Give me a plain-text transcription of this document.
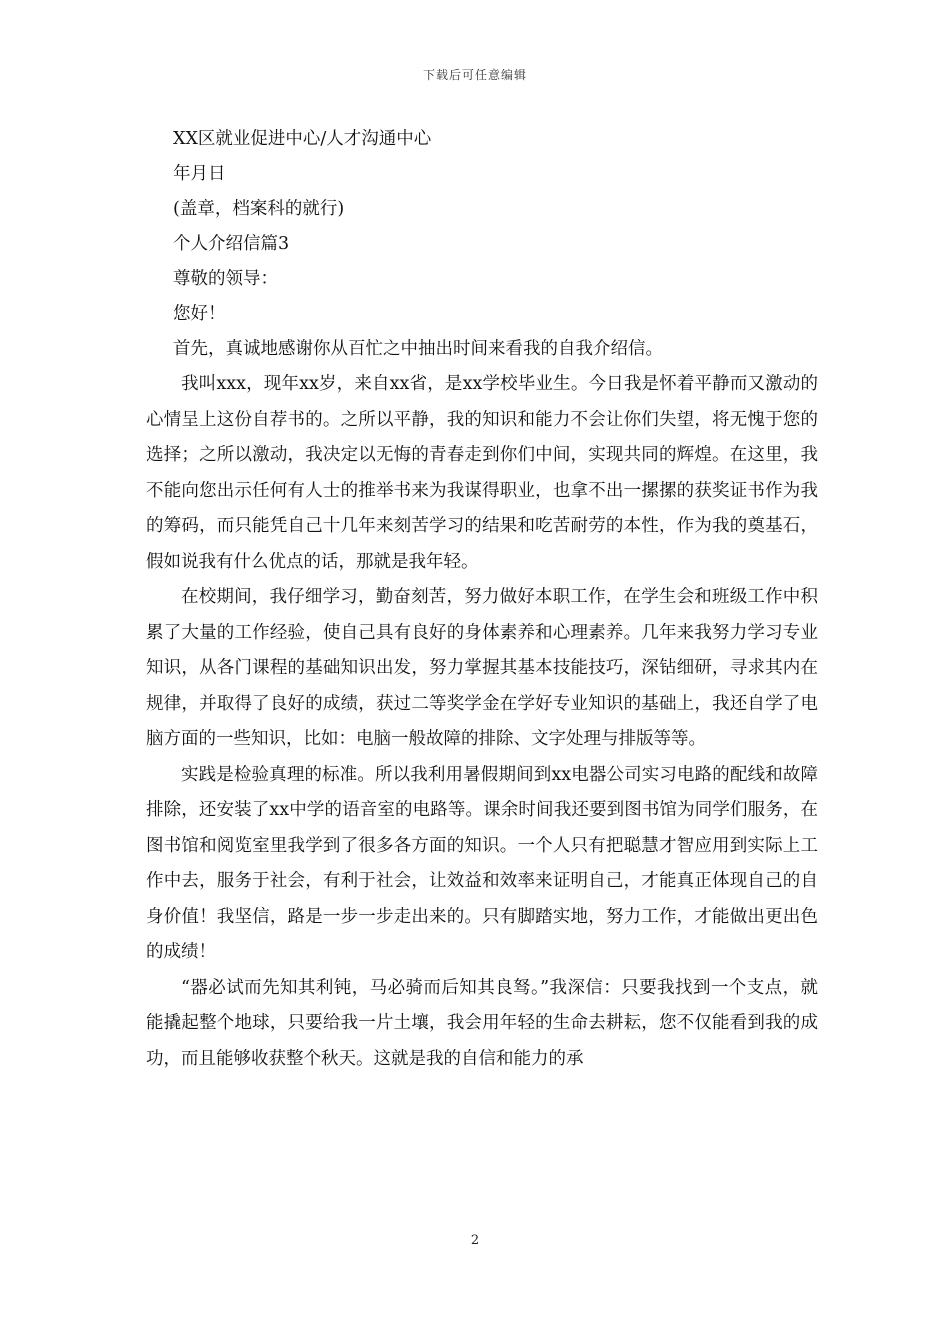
下载后可任意编辑
XX区就业促进中心/人才沟通中心
年月日
(盖章，档案科的就行)
个人介绍信篇3
尊敬的领导：
您好！
首先，真诚地感谢你从百忙之中抽出时间来看我的自我介绍信。

我叫xxx，现年xx岁，来自xx省，是xx学校毕业生。今日我是怀着平静而又激动的心情呈上这份自荐书的。之所以平静，我的知识和能力不会让你们失望，将无愧于您的选择；之所以激动，我决定以无悔的青春走到你们中间，实现共同的辉煌。在这里，我不能向您出示任何有人士的推举书来为我谋得职业，也拿不出一摞摞的获奖证书作为我的筹码，而只能凭自己十几年来刻苦学习的结果和吃苦耐劳的本性，作为我的奠基石，假如说我有什么优点的话，那就是我年轻。

在校期间，我仔细学习，勤奋刻苦，努力做好本职工作，在学生会和班级工作中积累了大量的工作经验，使自己具有良好的身体素养和心理素养。几年来我努力学习专业知识，从各门课程的基础知识出发，努力掌握其基本技能技巧，深钻细研，寻求其内在规律，并取得了良好的成绩，获过二等奖学金在学好专业知识的基础上，我还自学了电脑方面的一些知识，比如：电脑一般故障的排除、文字处理与排版等等。

实践是检验真理的标准。所以我利用暑假期间到xx电器公司实习电路的配线和故障排除，还安装了xx中学的语音室的电路等。课余时间我还要到图书馆为同学们服务，在图书馆和阅览室里我学到了很多各方面的知识。一个人只有把聪慧才智应用到实际上工作中去，服务于社会，有利于社会，让效益和效率来证明自己，才能真正体现自己的自身价值！我坚信，路是一步一步走出来的。只有脚踏实地，努力工作，才能做出更出色的成绩！

“器必试而先知其利钝，马必骑而后知其良驽。”我深信：只要我找到一个支点，就能撬起整个地球，只要给我一片土壤，我会用年轻的生命去耕耘，您不仅能看到我的成功，而且能够收获整个秋天。这就是我的自信和能力的承

2
